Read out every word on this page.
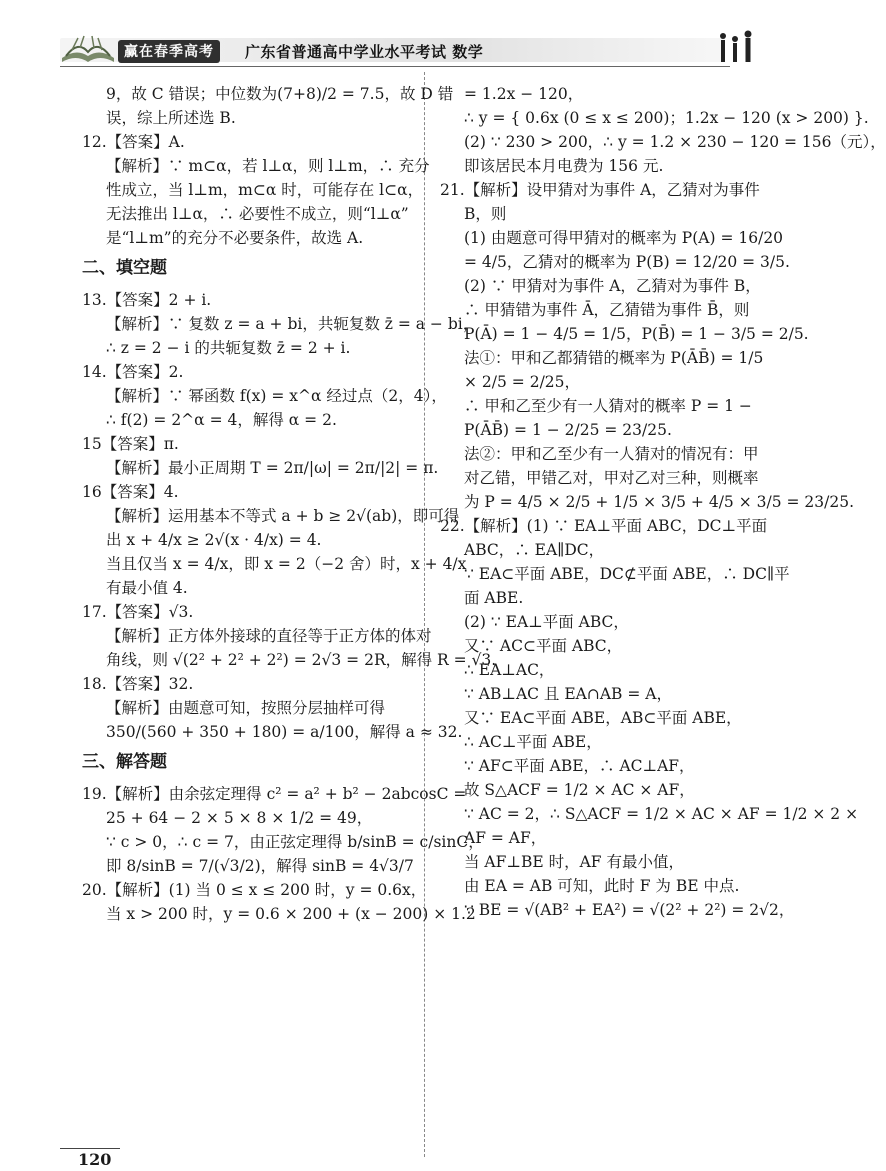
赢在春季高考	广东省普通高中学业水平考试 数学
9，故 C 错误；中位数为(7+8)/2 = 7.5，故 D 错
误，综上所述选 B.
12.【答案】A.
【解析】∵ m⊂α，若 l⊥α，则 l⊥m，∴ 充分
性成立，当 l⊥m，m⊂α 时，可能存在 l⊂α，
无法推出 l⊥α，∴ 必要性不成立，则“l⊥α”
是“l⊥m”的充分不必要条件，故选 A.
二、填空题
13.【答案】2 + i.
【解析】∵ 复数 z = a + bi，共轭复数 z̄ = a − bi，
∴ z = 2 − i 的共轭复数 z̄ = 2 + i.
14.【答案】2.
【解析】∵ 幂函数 f(x) = x^α 经过点（2，4），
∴ f(2) = 2^α = 4，解得 α = 2.
15【答案】π.
【解析】最小正周期 T = 2π/|ω| = 2π/|2| = π.
16【答案】4.
【解析】运用基本不等式 a + b ≥ 2√(ab)，即可得
出 x + 4/x ≥ 2√(x · 4/x) = 4.
当且仅当 x = 4/x，即 x = 2（−2 舍）时，x + 4/x
有最小值 4.
17.【答案】√3.
【解析】正方体外接球的直径等于正方体的体对
角线，则 √(2² + 2² + 2²) = 2√3 = 2R，解得 R = √3.
18.【答案】32.
【解析】由题意可知，按照分层抽样可得
350/(560 + 350 + 180) = a/100，解得 a ≈ 32.
三、解答题
19.【解析】由余弦定理得 c² = a² + b² − 2abcosC =
25 + 64 − 2 × 5 × 8 × 1/2 = 49，
∵ c > 0，∴ c = 7，由正弦定理得 b/sinB = c/sinC，
即 8/sinB = 7/(√3/2)，解得 sinB = 4√3/7
20.【解析】(1) 当 0 ≤ x ≤ 200 时，y = 0.6x，
当 x > 200 时，y = 0.6 × 200 + (x − 200) × 1.2
= 1.2x − 120，
∴ y = { 0.6x (0 ≤ x ≤ 200)；1.2x − 120 (x > 200) }.
(2) ∵ 230 > 200，∴ y = 1.2 × 230 − 120 = 156（元），
即该居民本月电费为 156 元.
21.【解析】设甲猜对为事件 A，乙猜对为事件
B，则
(1) 由题意可得甲猜对的概率为 P(A) = 16/20
= 4/5，乙猜对的概率为 P(B) = 12/20 = 3/5.
(2) ∵ 甲猜对为事件 A，乙猜对为事件 B，
∴ 甲猜错为事件 Ā，乙猜错为事件 B̄，则
P(Ā) = 1 − 4/5 = 1/5，P(B̄) = 1 − 3/5 = 2/5.
法①：甲和乙都猜错的概率为 P(ĀB̄) = 1/5
× 2/5 = 2/25，
∴ 甲和乙至少有一人猜对的概率 P = 1 −
P(ĀB̄) = 1 − 2/25 = 23/25.
法②：甲和乙至少有一人猜对的情况有：甲
对乙错，甲错乙对，甲对乙对三种，则概率
为 P = 4/5 × 2/5 + 1/5 × 3/5 + 4/5 × 3/5 = 23/25.
22.【解析】(1) ∵ EA⊥平面 ABC，DC⊥平面
ABC，∴ EA∥DC，
∵ EA⊂平面 ABE，DC⊄平面 ABE，∴ DC∥平
面 ABE.
(2) ∵ EA⊥平面 ABC，
又∵ AC⊂平面 ABC，
∴ EA⊥AC，
∵ AB⊥AC 且 EA∩AB = A，
又∵ EA⊂平面 ABE，AB⊂平面 ABE，
∴ AC⊥平面 ABE，
∵ AF⊂平面 ABE，∴ AC⊥AF，
故 S△ACF = 1/2 × AC × AF，
∵ AC = 2，∴ S△ACF = 1/2 × AC × AF = 1/2 × 2 ×
AF = AF，
当 AF⊥BE 时，AF 有最小值，
由 EA = AB 可知，此时 F 为 BE 中点.
∵ BE = √(AB² + EA²) = √(2² + 2²) = 2√2，
120
